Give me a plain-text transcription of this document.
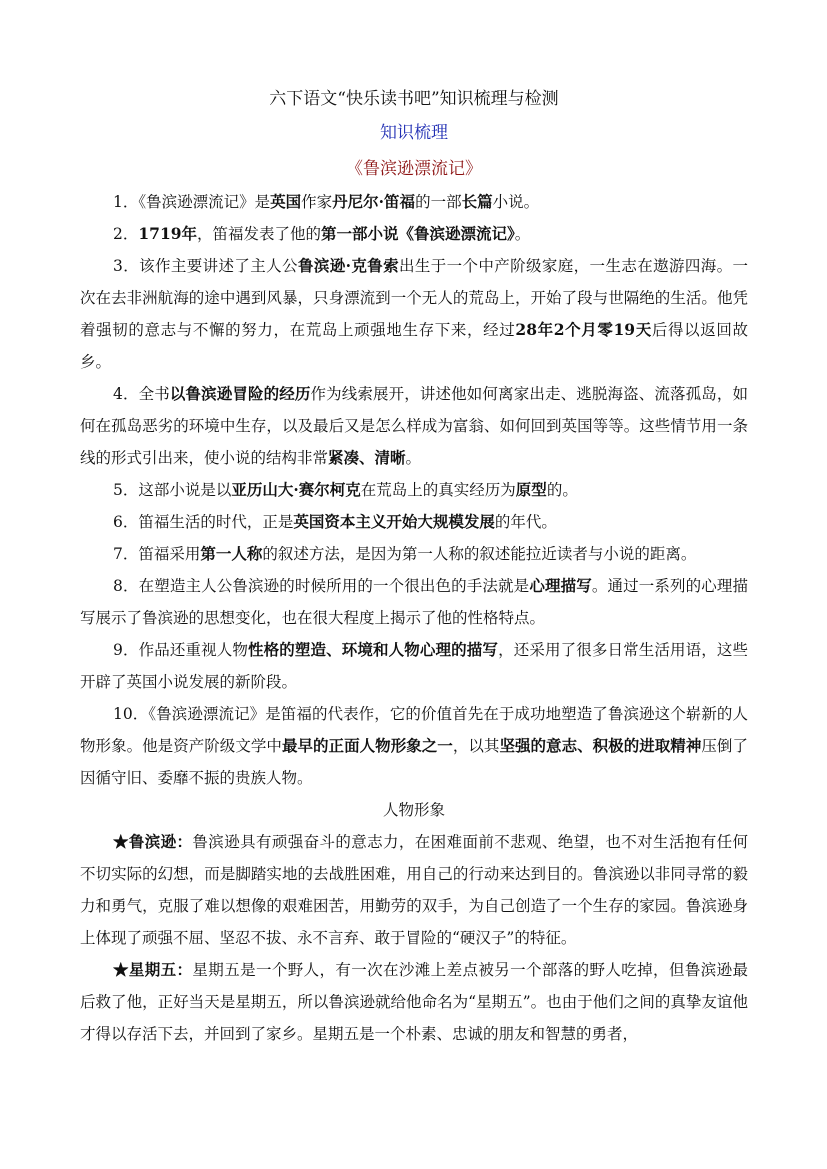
六下语文“快乐读书吧”知识梳理与检测
知识梳理
《鲁滨逊漂流记》

1．《鲁滨逊漂流记》是英国作家丹尼尔·笛福的一部长篇小说。

2．1719年，笛福发表了他的第一部小说《鲁滨逊漂流记》。

3．该作主要讲述了主人公鲁滨逊·克鲁索出生于一个中产阶级家庭，一生志在遨游四海。一次在去非洲航海的途中遇到风暴，只身漂流到一个无人的荒岛上，开始了段与世隔绝的生活。他凭着强韧的意志与不懈的努力，在荒岛上顽强地生存下来，经过28年2个月零19天后得以返回故乡。

4．全书以鲁滨逊冒险的经历作为线索展开，讲述他如何离家出走、逃脱海盗、流落孤岛，如何在孤岛恶劣的环境中生存，以及最后又是怎么样成为富翁、如何回到英国等等。这些情节用一条线的形式引出来，使小说的结构非常紧凑、清晰。

5．这部小说是以亚历山大·赛尔柯克在荒岛上的真实经历为原型的。

6．笛福生活的时代，正是英国资本主义开始大规模发展的年代。

7．笛福采用第一人称的叙述方法，是因为第一人称的叙述能拉近读者与小说的距离。

8．在塑造主人公鲁滨逊的时候所用的一个很出色的手法就是心理描写。通过一系列的心理描写展示了鲁滨逊的思想变化，也在很大程度上揭示了他的性格特点。

9．作品还重视人物性格的塑造、环境和人物心理的描写，还采用了很多日常生活用语，这些开辟了英国小说发展的新阶段。

10．《鲁滨逊漂流记》是笛福的代表作，它的价值首先在于成功地塑造了鲁滨逊这个崭新的人物形象。他是资产阶级文学中最早的正面人物形象之一，以其坚强的意志、积极的进取精神压倒了因循守旧、委靡不振的贵族人物。

人物形象

★鲁滨逊：鲁滨逊具有顽强奋斗的意志力，在困难面前不悲观、绝望，也不对生活抱有任何不切实际的幻想，而是脚踏实地的去战胜困难，用自己的行动来达到目的。鲁滨逊以非同寻常的毅力和勇气，克服了难以想像的艰难困苦，用勤劳的双手，为自己创造了一个生存的家园。鲁滨逊身上体现了顽强不屈、坚忍不拔、永不言弃、敢于冒险的“硬汉子”的特征。

★星期五：星期五是一个野人，有一次在沙滩上差点被另一个部落的野人吃掉，但鲁滨逊最后救了他，正好当天是星期五，所以鲁滨逊就给他命名为“星期五”。也由于他们之间的真挚友谊他才得以存活下去，并回到了家乡。星期五是一个朴素、忠诚的朋友和智慧的勇者，
